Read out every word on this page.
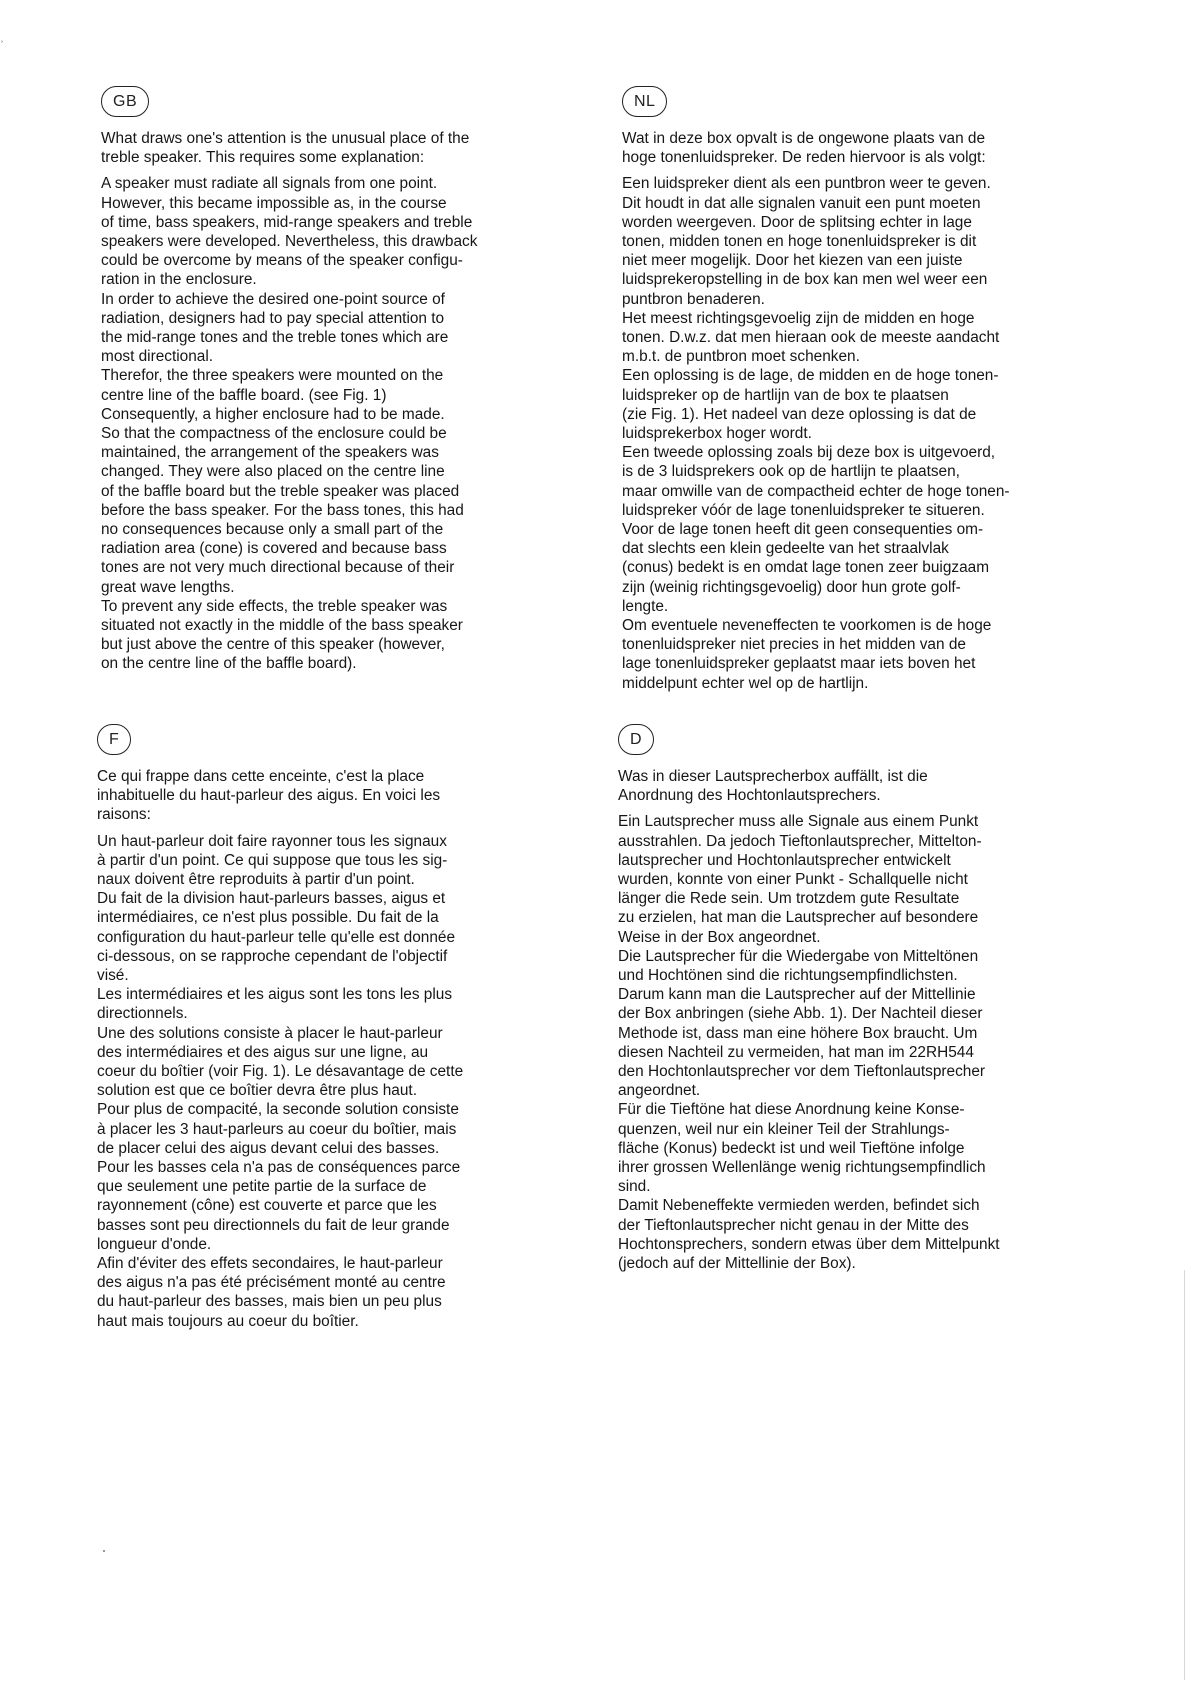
ʾ
GB

What draws one's attention is the unusual place of the
treble speaker. This requires some explanation:

A speaker must radiate all signals from one point.
However, this became impossible as, in the course
of time, bass speakers, mid-range speakers and treble
speakers were developed. Nevertheless, this drawback
could be overcome by means of the speaker configu-
ration in the enclosure.
In order to achieve the desired one-point source of
radiation, designers had to pay special attention to
the mid-range tones and the treble tones which are
most directional.
Therefor, the three speakers were mounted on the
centre line of the baffle board. (see Fig. 1)
Consequently, a higher enclosure had to be made.
So that the compactness of the enclosure could be
maintained, the arrangement of the speakers was
changed. They were also placed on the centre line
of the baffle board but the treble speaker was placed
before the bass speaker. For the bass tones, this had
no consequences because only a small part of the
radiation area (cone) is covered and because bass
tones are not very much directional because of their
great wave lengths.
To prevent any side effects, the treble speaker was
situated not exactly in the middle of the bass speaker
but just above the centre of this speaker (however,
on the centre line of the baffle board).

NL

Wat in deze box opvalt is de ongewone plaats van de
hoge tonenluidspreker. De reden hiervoor is als volgt:

Een luidspreker dient als een puntbron weer te geven.
Dit houdt in dat alle signalen vanuit een punt moeten
worden weergeven. Door de splitsing echter in lage
tonen, midden tonen en hoge tonenluidspreker is dit
niet meer mogelijk. Door het kiezen van een juiste
luidsprekeropstelling in de box kan men wel weer een
puntbron benaderen.
Het meest richtingsgevoelig zijn de midden en hoge
tonen. D.w.z. dat men hieraan ook de meeste aandacht
m.b.t. de puntbron moet schenken.
Een oplossing is de lage, de midden en de hoge tonen-
luidspreker op de hartlijn van de box te plaatsen
(zie Fig. 1). Het nadeel van deze oplossing is dat de
luidsprekerbox hoger wordt.
Een tweede oplossing zoals bij deze box is uitgevoerd,
is de 3 luidsprekers ook op de hartlijn te plaatsen,
maar omwille van de compactheid echter de hoge tonen-
luidspreker vóór de lage tonenluidspreker te situeren.
Voor de lage tonen heeft dit geen consequenties om-
dat slechts een klein gedeelte van het straalvlak
(conus) bedekt is en omdat lage tonen zeer buigzaam
zijn (weinig richtingsgevoelig) door hun grote golf-
lengte.
Om eventuele neveneffecten te voorkomen is de hoge
tonenluidspreker niet precies in het midden van de
lage tonenluidspreker geplaatst maar iets boven het
middelpunt echter wel op de hartlijn.

F

Ce qui frappe dans cette enceinte, c'est la place
inhabituelle du haut-parleur des aigus. En voici les
raisons:

Un haut-parleur doit faire rayonner tous les signaux
à partir d'un point. Ce qui suppose que tous les sig-
naux doivent être reproduits à partir d'un point.
Du fait de la division haut-parleurs basses, aigus et
intermédiaires, ce n'est plus possible. Du fait de la
configuration du haut-parleur telle qu'elle est donnée
ci-dessous, on se rapproche cependant de l'objectif
visé.
Les intermédiaires et les aigus sont les tons les plus
directionnels.
Une des solutions consiste à placer le haut-parleur
des intermédiaires et des aigus sur une ligne, au
coeur du boîtier (voir Fig. 1). Le désavantage de cette
solution est que ce boîtier devra être plus haut.
Pour plus de compacité, la seconde solution consiste
à placer les 3 haut-parleurs au coeur du boîtier, mais
de placer celui des aigus devant celui des basses.
Pour les basses cela n'a pas de conséquences parce
que seulement une petite partie de la surface de
rayonnement (cône) est couverte et parce que les
basses sont peu directionnels du fait de leur grande
longueur d'onde.
Afin d'éviter des effets secondaires, le haut-parleur
des aigus n'a pas été précisément monté au centre
du haut-parleur des basses, mais bien un peu plus
haut mais toujours au coeur du boîtier.

D

Was in dieser Lautsprecherbox auffällt, ist die
Anordnung des Hochtonlautsprechers.

Ein Lautsprecher muss alle Signale aus einem Punkt
ausstrahlen. Da jedoch Tieftonlautsprecher, Mittelton-
lautsprecher und Hochtonlautsprecher entwickelt
wurden, konnte von einer Punkt - Schallquelle nicht
länger die Rede sein. Um trotzdem gute Resultate
zu erzielen, hat man die Lautsprecher auf besondere
Weise in der Box angeordnet.
Die Lautsprecher für die Wiedergabe von Mitteltönen
und Hochtönen sind die richtungsempfindlichsten.
Darum kann man die Lautsprecher auf der Mittellinie
der Box anbringen (siehe Abb. 1). Der Nachteil dieser
Methode ist, dass man eine höhere Box braucht. Um
diesen Nachteil zu vermeiden, hat man im 22RH544
den Hochtonlautsprecher vor dem Tieftonlautsprecher
angeordnet.
Für die Tieftöne hat diese Anordnung keine Konse-
quenzen, weil nur ein kleiner Teil der Strahlungs-
fläche (Konus) bedeckt ist und weil Tieftöne infolge
ihrer grossen Wellenlänge wenig richtungsempfindlich
sind.
Damit Nebeneffekte vermieden werden, befindet sich
der Tieftonlautsprecher nicht genau in der Mitte des
Hochtonsprechers, sondern etwas über dem Mittelpunkt
(jedoch auf der Mittellinie der Box).
